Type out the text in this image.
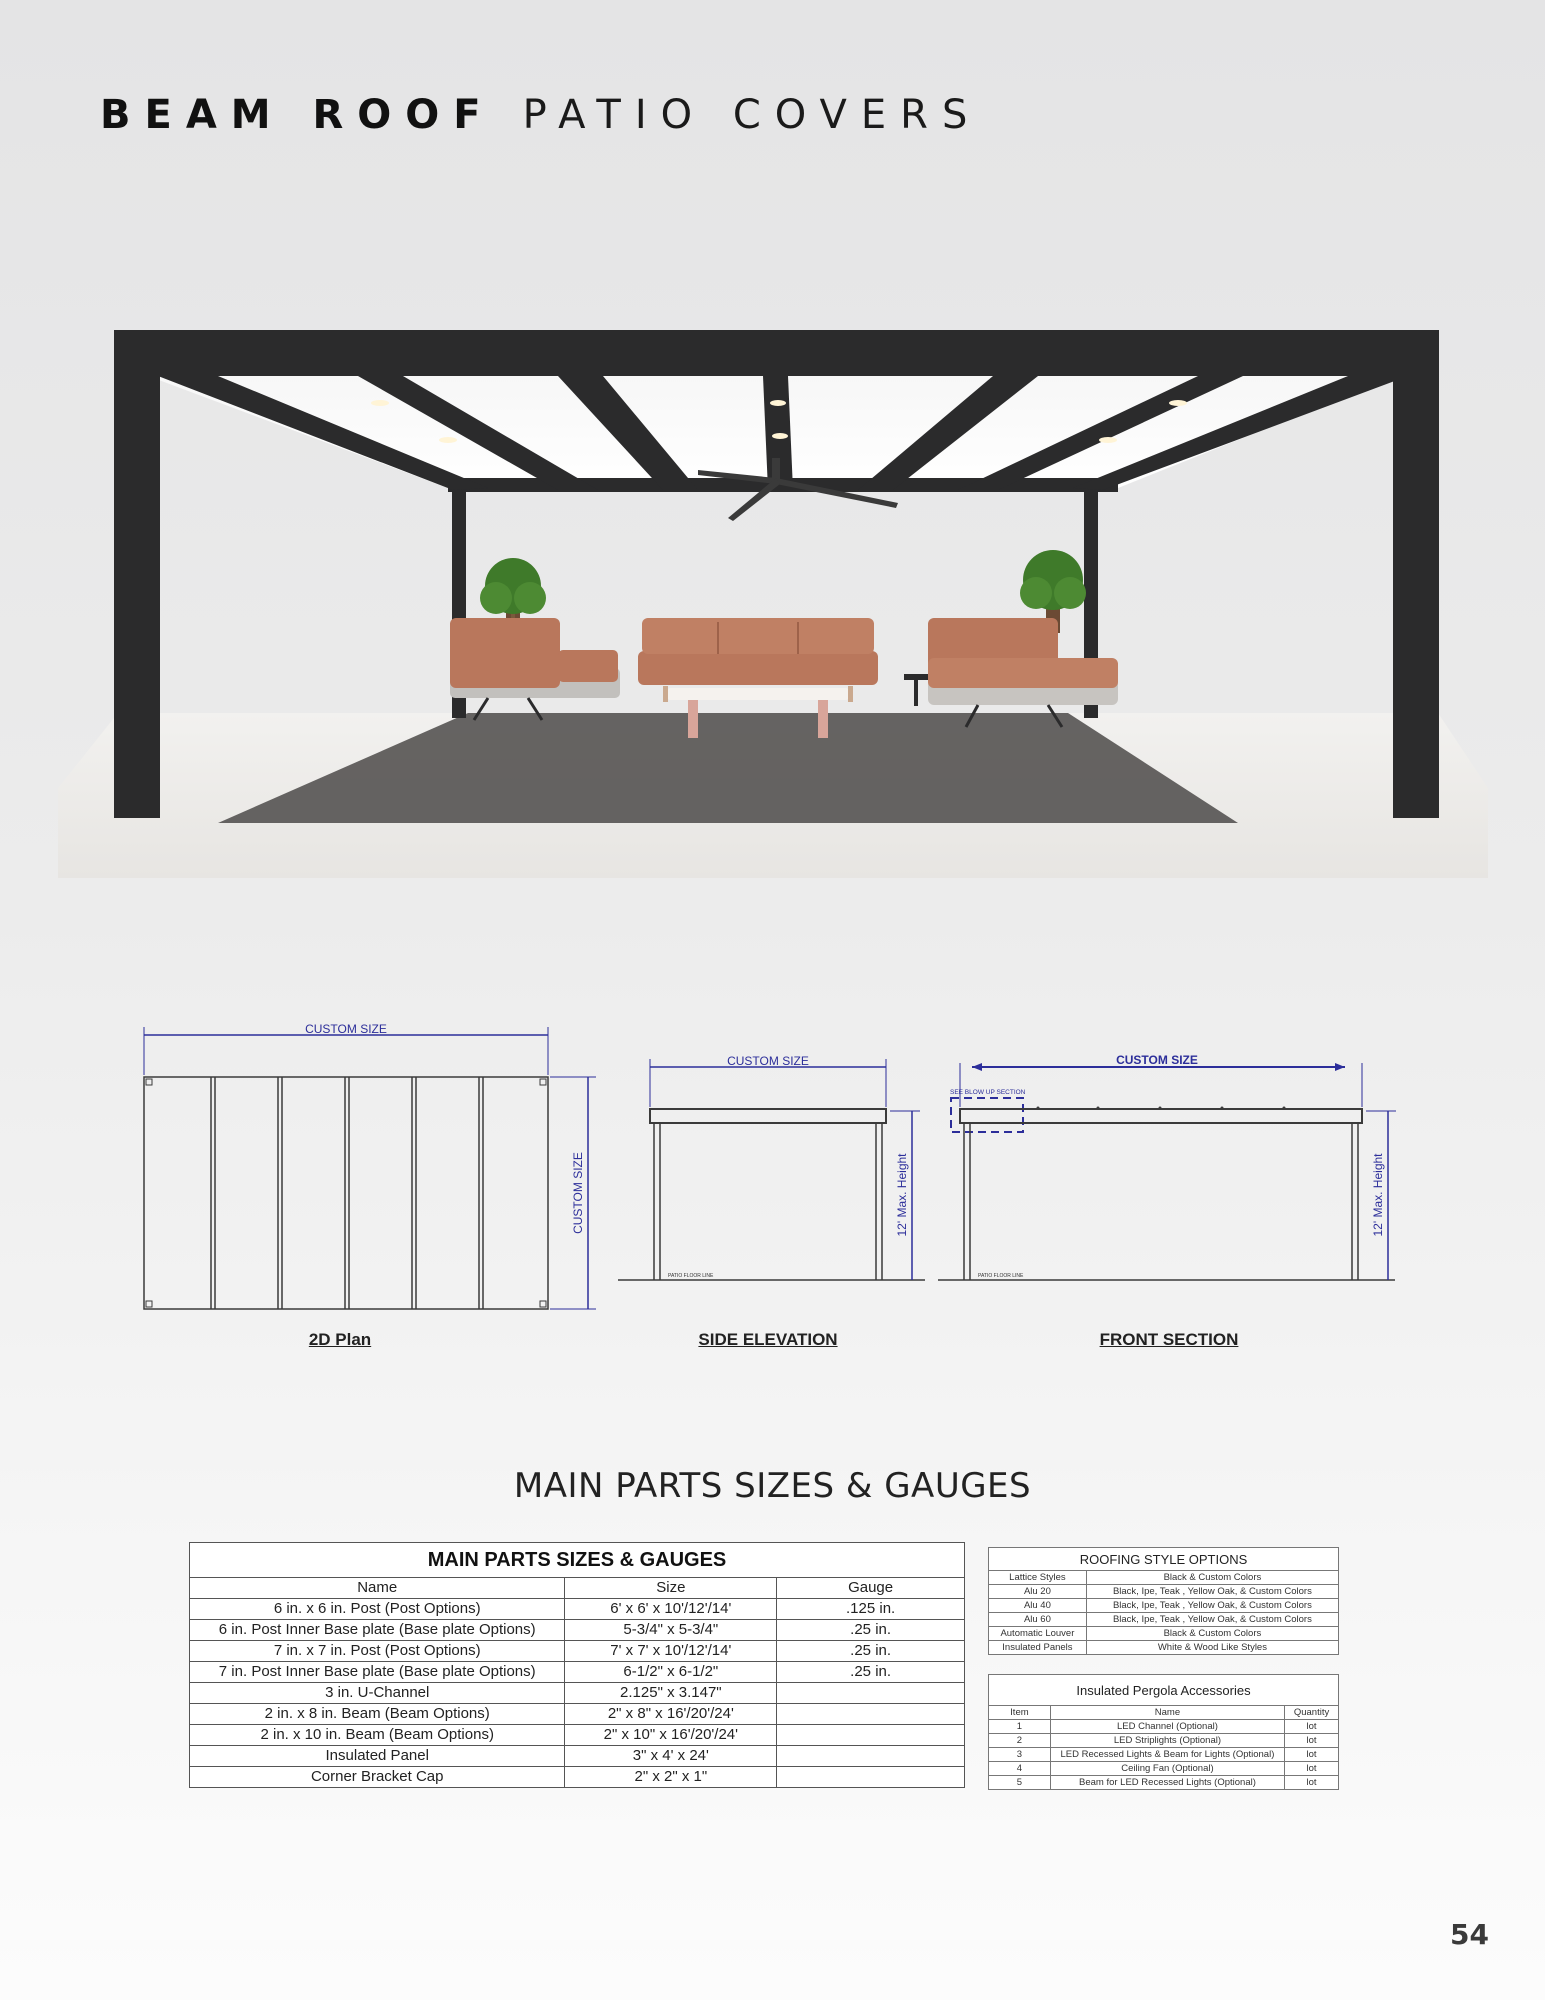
BEAM ROOF PATIO COVERS
CUSTOM SIZE
CUSTOM SIZE
CUSTOM SIZE
PATIO FLOOR LINE
12' Max. Height
CUSTOM SIZE
SEE BLOW UP SECTION
PATIO FLOOR LINE
12' Max. Height
2D Plan	SIDE ELEVATION	FRONT SECTION
MAIN PARTS SIZES & GAUGES
MAIN PARTS SIZES & GAUGES		
Name	Size	Gauge
6 in. x 6 in. Post (Post Options)	6' x 6' x 10'/12'/14'	.125 in.
6 in. Post Inner Base plate (Base plate Options)	5-3/4" x 5-3/4"	.25 in.
7 in. x 7 in. Post (Post Options)	7' x 7' x 10'/12'/14'	.25 in.
7 in. Post Inner Base plate (Base plate Options)	6-1/2" x 6-1/2"	.25 in.
3 in. U-Channel	2.125" x 3.147"	
2 in. x 8 in. Beam (Beam Options)	2" x 8" x 16'/20'/24'	
2 in. x 10 in. Beam (Beam Options)	2" x 10" x 16'/20'/24'	
Insulated Panel	3" x 4' x 24'	
Corner Bracket Cap	2" x 2" x 1"	
ROOFING STYLE OPTIONS	
Lattice Styles	Black & Custom Colors
Alu 20	Black, Ipe, Teak , Yellow Oak, & Custom Colors
Alu 40	Black, Ipe, Teak , Yellow Oak, & Custom Colors
Alu 60	Black, Ipe, Teak , Yellow Oak, & Custom Colors
Automatic Louver	Black & Custom Colors
Insulated Panels	White & Wood Like Styles
Insulated Pergola Accessories		
Item	Name	Quantity
1	LED Channel (Optional)	lot
2	LED Striplights (Optional)	lot
3	LED Recessed Lights & Beam for Lights (Optional)	lot
4	Ceiling Fan (Optional)	lot
5	Beam for LED Recessed Lights (Optional)	lot
54
